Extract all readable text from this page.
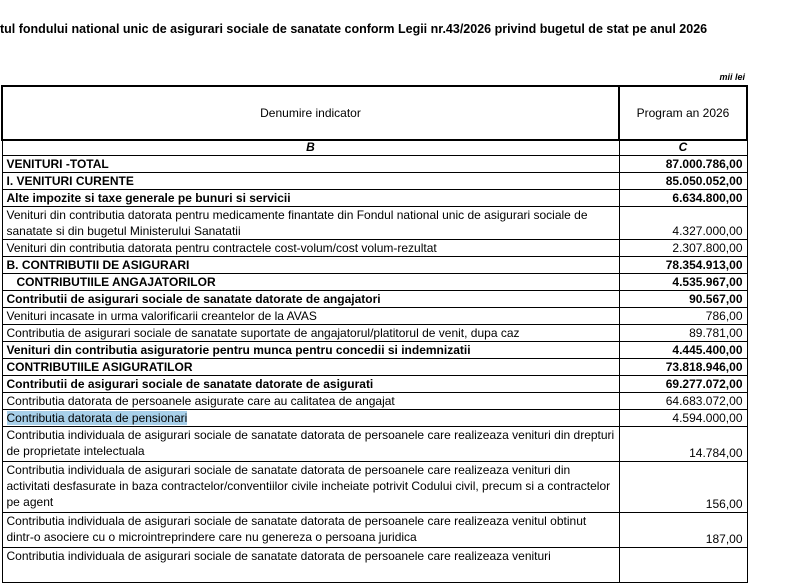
tul fondului national unic de asigurari sociale de sanatate conform Legii nr.43/2026 privind bugetul de stat pe anul 2026
mii lei
Denumire indicator	Program an 2026
B	C
VENITURI -TOTAL	87.000.786,00
I. VENITURI CURENTE	85.050.052,00
Alte impozite si taxe generale pe bunuri si servicii	6.634.800,00
Venituri din contributia datorata pentru medicamente finantate din Fondul national unic de asigurari sociale de sanatate si din bugetul Ministerului Sanatatii	4.327.000,00
Venituri din contributia datorata pentru contractele cost-volum/cost volum-rezultat	2.307.800,00
B. CONTRIBUTII DE ASIGURARI	78.354.913,00
CONTRIBUTIILE ANGAJATORILOR	4.535.967,00
Contributii de asigurari sociale de sanatate datorate de angajatori	90.567,00
Venituri incasate in urma valorificarii creantelor de la AVAS	786,00
Contributia de asigurari sociale de sanatate suportate de angajatorul/platitorul de venit, dupa caz	89.781,00
Venituri din contributia asiguratorie pentru munca pentru concedii si indemnizatii	4.445.400,00
CONTRIBUTIILE ASIGURATILOR	73.818.946,00
Contributii de asigurari sociale de sanatate datorate de asigurati	69.277.072,00
Contributia datorata de persoanele asigurate care au calitatea de angajat	64.683.072,00
Contributia datorata de pensionari	4.594.000,00
Contributia individuala de asigurari sociale de sanatate datorata de persoanele care realizeaza venituri din drepturi de proprietate intelectuala	14.784,00
Contributia individuala de asigurari sociale de sanatate datorata de persoanele care realizeaza venituri din activitati desfasurate in baza contractelor/conventiilor civile incheiate potrivit Codului civil, precum si a contractelor pe agent	156,00
Contributia individuala de asigurari sociale de sanatate datorata de persoanele care realizeaza venitul obtinut dintr-o asociere cu o microintreprindere care nu genereza o persoana juridica	187,00
Contributia individuala de asigurari sociale de sanatate datorata de persoanele care realizeaza venituri	
